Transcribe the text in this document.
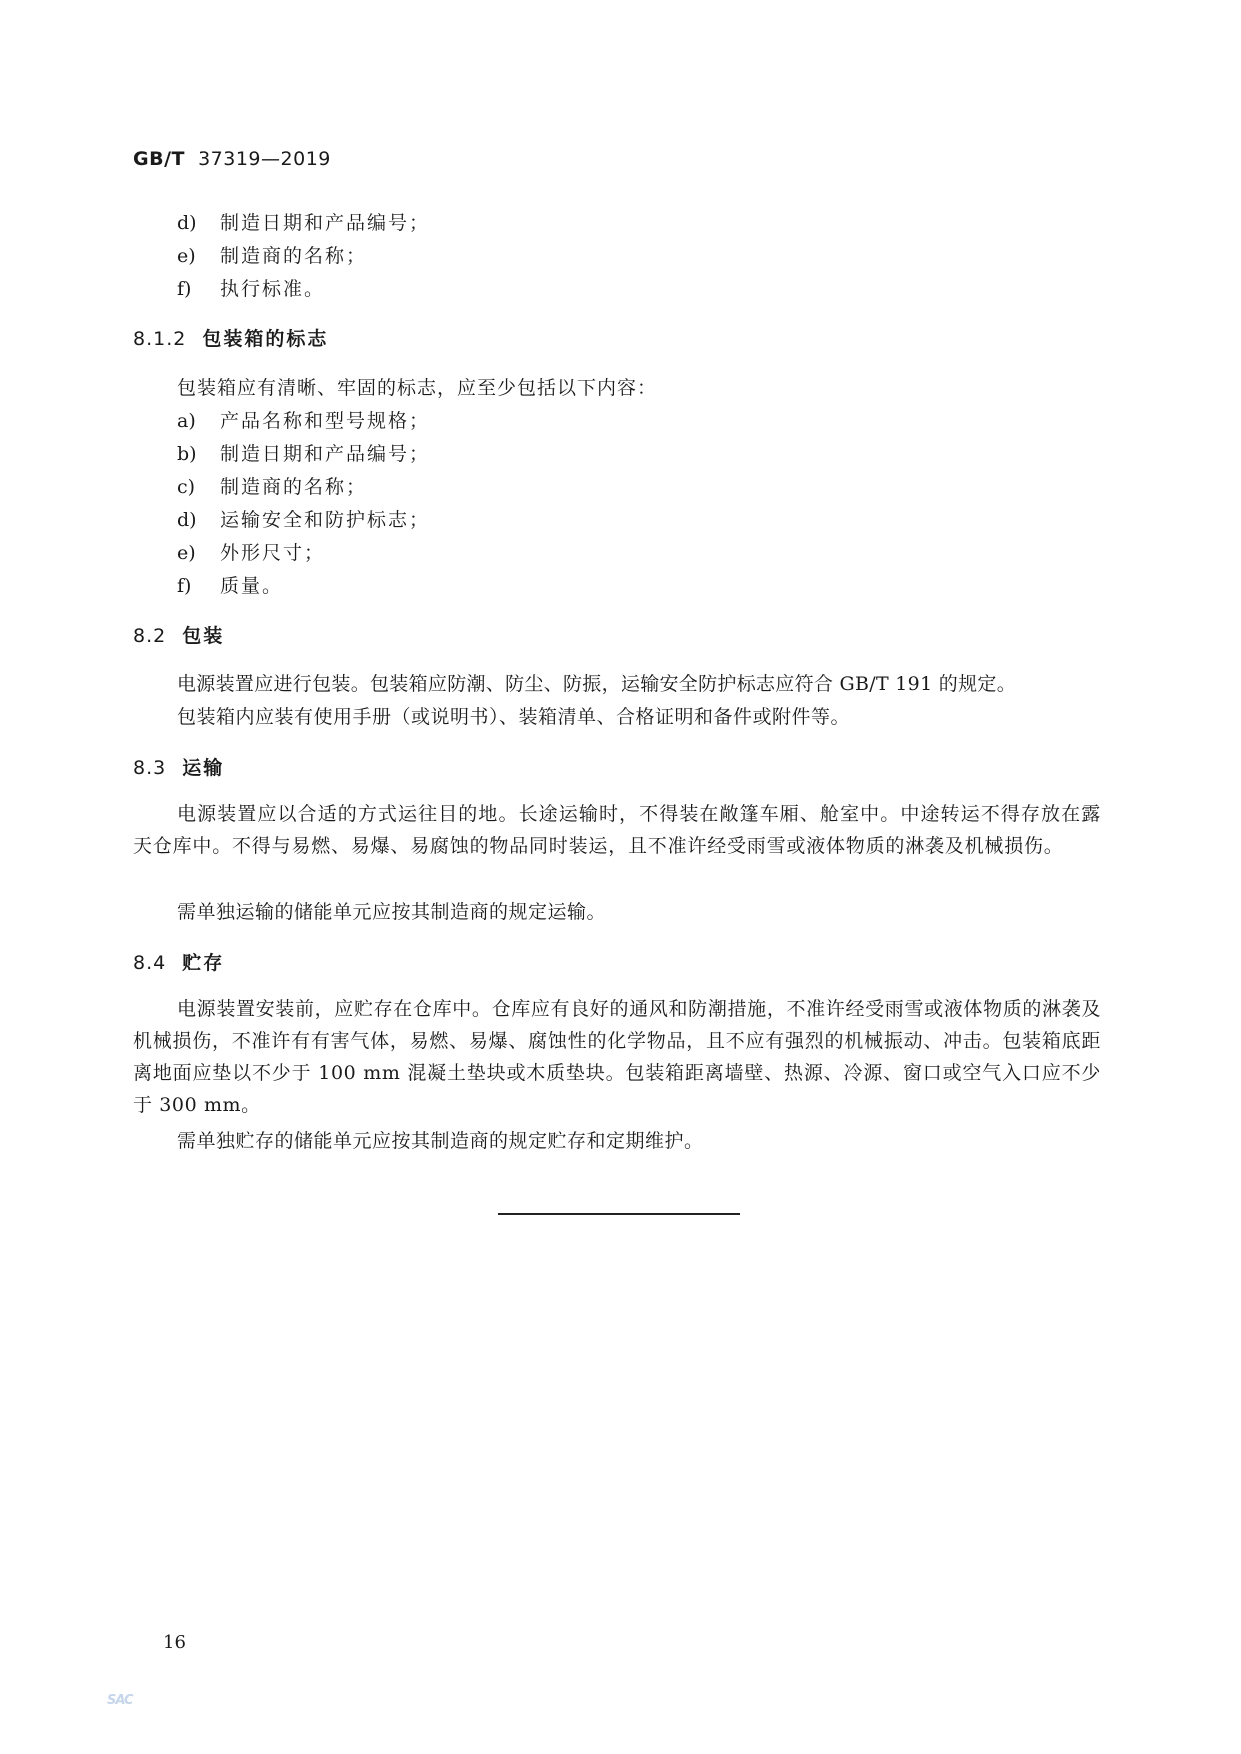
GB/T 37319—2019
d) 制造日期和产品编号；
e) 制造商的名称；
f) 执行标准。
8.1.2 包装箱的标志
包装箱应有清晰、牢固的标志，应至少包括以下内容：
a) 产品名称和型号规格；
b) 制造日期和产品编号；
c) 制造商的名称；
d) 运输安全和防护标志；
e) 外形尺寸；
f) 质量。
8.2 包装
电源装置应进行包装。包装箱应防潮、防尘、防振，运输安全防护标志应符合 GB/T 191 的规定。
包装箱内应装有使用手册（或说明书）、装箱清单、合格证明和备件或附件等。
8.3 运输
电源装置应以合适的方式运往目的地。长途运输时，不得装在敞篷车厢、舱室中。中途转运不得存放在露天仓库中。不得与易燃、易爆、易腐蚀的物品同时装运，且不准许经受雨雪或液体物质的淋袭及机械损伤。
需单独运输的储能单元应按其制造商的规定运输。
8.4 贮存
电源装置安装前，应贮存在仓库中。仓库应有良好的通风和防潮措施，不准许经受雨雪或液体物质的淋袭及机械损伤，不准许有有害气体，易燃、易爆、腐蚀性的化学物品，且不应有强烈的机械振动、冲击。包装箱底距离地面应垫以不少于 100 mm 混凝土垫块或木质垫块。包装箱距离墙壁、热源、冷源、窗口或空气入口应不少于 300 mm。
需单独贮存的储能单元应按其制造商的规定贮存和定期维护。
16
SAC
